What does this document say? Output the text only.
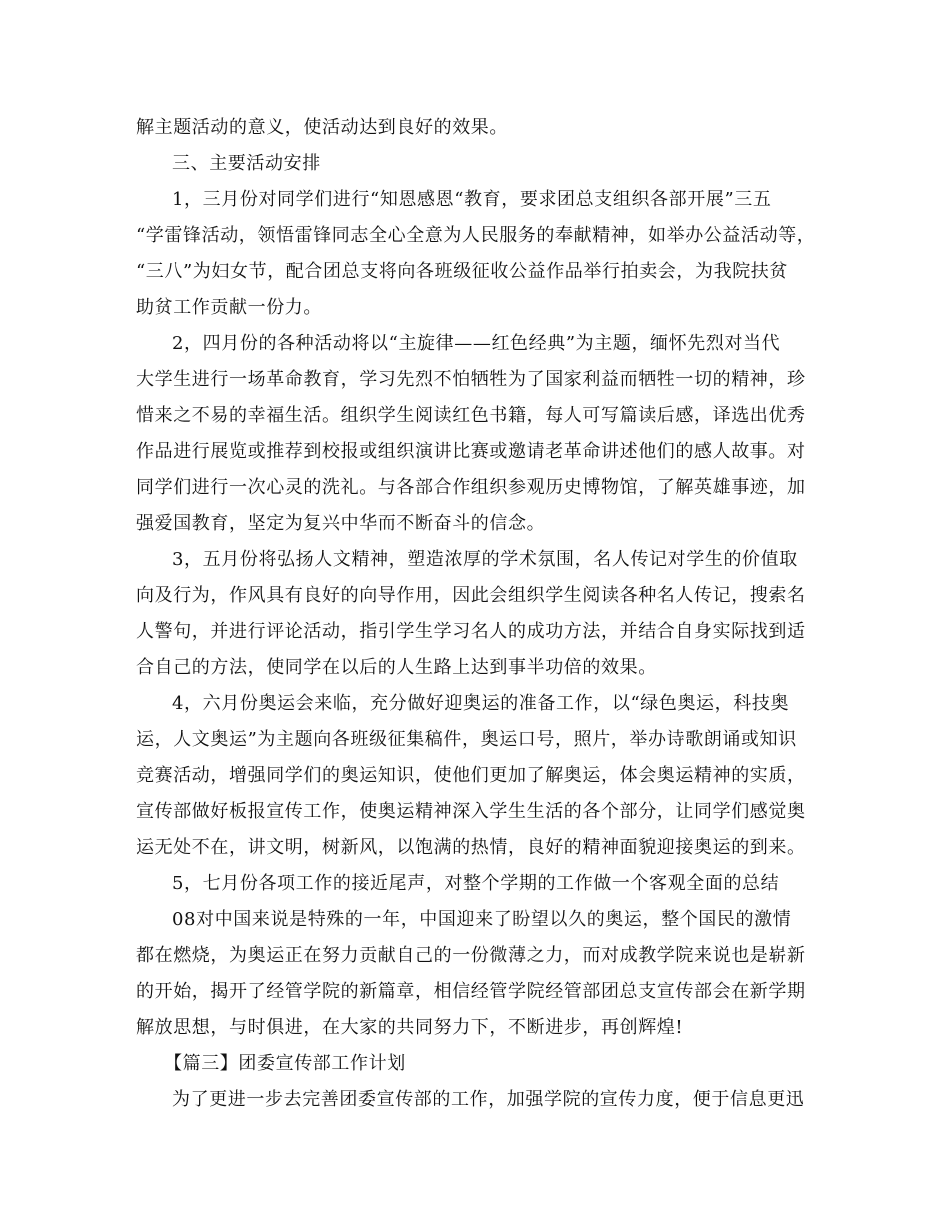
解主题活动的意义，使活动达到良好的效果。
三、主要活动安排
1，三月份对同学们进行“知恩感恩“教育，要求团总支组织各部开展”三五
“学雷锋活动，领悟雷锋同志全心全意为人民服务的奉献精神，如举办公益活动等，
“三八”为妇女节，配合团总支将向各班级征收公益作品举行拍卖会，为我院扶贫
助贫工作贡献一份力。
2，四月份的各种活动将以“主旋律——红色经典”为主题，缅怀先烈对当代
大学生进行一场革命教育，学习先烈不怕牺牲为了国家利益而牺牲一切的精神，珍
惜来之不易的幸福生活。组织学生阅读红色书籍，每人可写篇读后感，译选出优秀
作品进行展览或推荐到校报或组织演讲比赛或邀请老革命讲述他们的感人故事。对
同学们进行一次心灵的洗礼。与各部合作组织参观历史博物馆，了解英雄事迹，加
强爱国教育，坚定为复兴中华而不断奋斗的信念。
3，五月份将弘扬人文精神，塑造浓厚的学术氛围，名人传记对学生的价值取
向及行为，作风具有良好的向导作用，因此会组织学生阅读各种名人传记，搜索名
人警句，并进行评论活动，指引学生学习名人的成功方法，并结合自身实际找到适
合自己的方法，使同学在以后的人生路上达到事半功倍的效果。
4，六月份奥运会来临，充分做好迎奥运的准备工作，以“绿色奥运，科技奥
运，人文奥运”为主题向各班级征集稿件，奥运口号，照片，举办诗歌朗诵或知识
竞赛活动，增强同学们的奥运知识，使他们更加了解奥运，体会奥运精神的实质，
宣传部做好板报宣传工作，使奥运精神深入学生生活的各个部分，让同学们感觉奥
运无处不在，讲文明，树新风，以饱满的热情，良好的精神面貌迎接奥运的到来。
5，七月份各项工作的接近尾声，对整个学期的工作做一个客观全面的总结
08对中国来说是特殊的一年，中国迎来了盼望以久的奥运，整个国民的激情
都在燃烧，为奥运正在努力贡献自己的一份微薄之力，而对成教学院来说也是崭新
的开始，揭开了经管学院的新篇章，相信经管学院经管部团总支宣传部会在新学期
解放思想，与时俱进，在大家的共同努力下，不断进步，再创辉煌!
【篇三】团委宣传部工作计划
为了更进一步去完善团委宣传部的工作，加强学院的宣传力度，便于信息更迅
